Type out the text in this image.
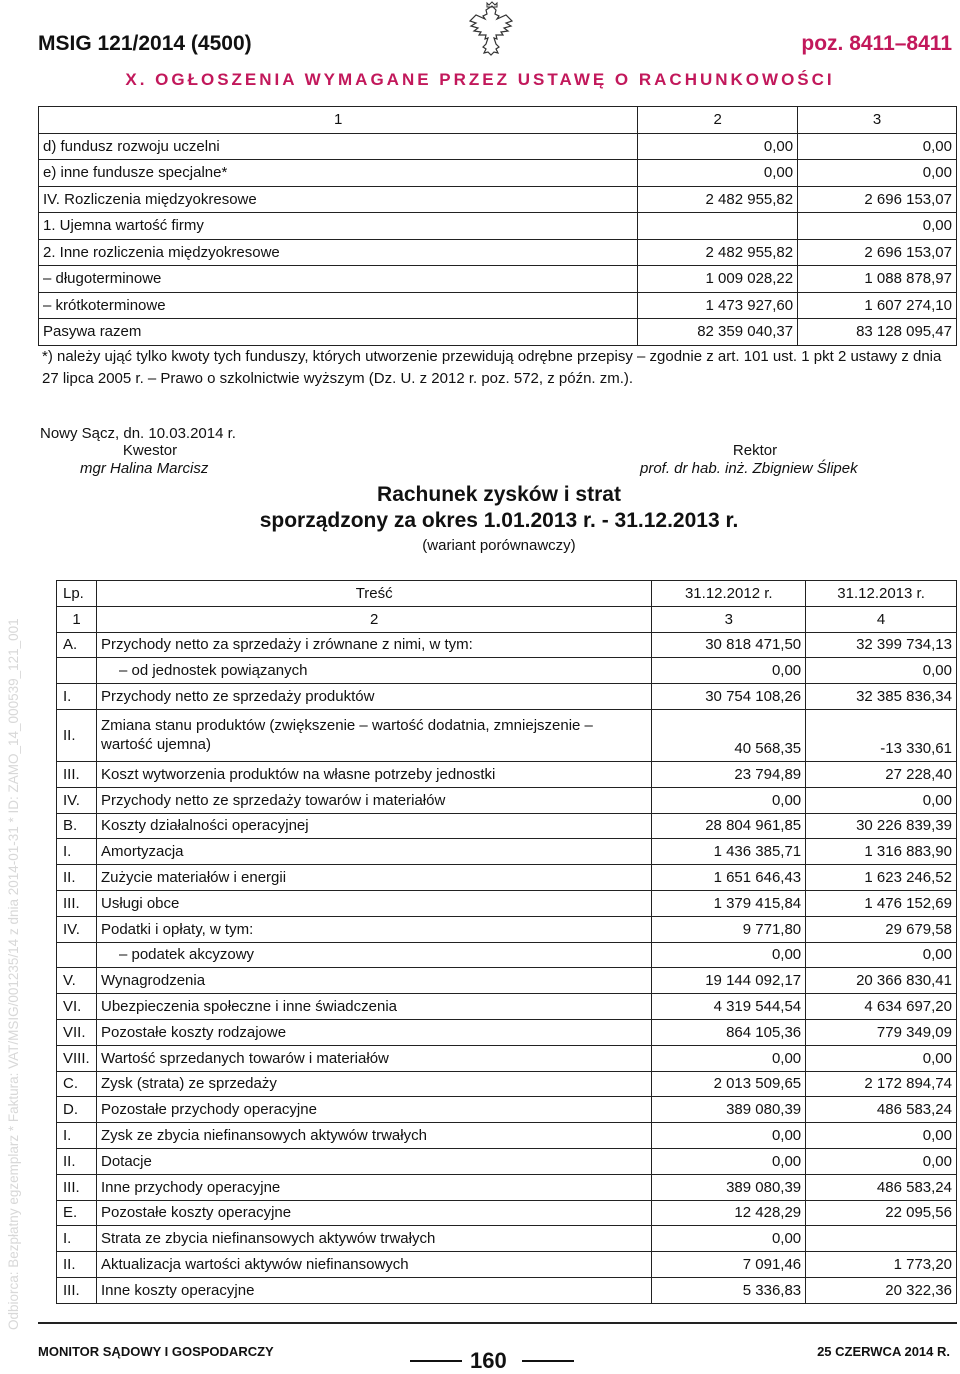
Odbiorca: Bezpłatny egzemplarz * Faktura: VAT/MSIG/001235/14 z dnia 2014-01-31 * ID: ZAMO_14_000539_121_001
MSIG 121/2014 (4500)	poz. 8411–8411
X. OGŁOSZENIA WYMAGANE PRZEZ USTAWĘ O RACHUNKOWOŚCI
1	2	3
d) fundusz rozwoju uczelni	0,00	0,00
e) inne fundusze specjalne*	0,00	0,00
IV. Rozliczenia międzyokresowe	2 482 955,82	2 696 153,07
1. Ujemna wartość firmy		0,00
2. Inne rozliczenia międzyokresowe	2 482 955,82	2 696 153,07
– długoterminowe	1 009 028,22	1 088 878,97
– krótkoterminowe	1 473 927,60	1 607 274,10
Pasywa razem	82 359 040,37	83 128 095,47
*) należy ująć tylko kwoty tych funduszy, których utworzenie przewidują odrębne przepisy – zgodnie z art. 101 ust. 1 pkt 2 ustawy z dnia 27 lipca 2005 r. – Prawo o szkolnictwie wyższym (Dz. U. z 2012 r. poz. 572, z późn. zm.).
Nowy Sącz, dn. 10.03.2014 r.
Kwestor
mgr Halina Marcisz
Rektor
prof. dr hab. inż. Zbigniew Ślipek
Rachunek zysków i strat
sporządzony za okres 1.01.2013 r. - 31.12.2013 r.
(wariant porównawczy)
Lp.	Treść	31.12.2012 r.	31.12.2013 r.
1	2	3	4
A.	Przychody netto za sprzedaży i zrównane z nimi, w tym:	30 818 471,50	32 399 734,13
	– od jednostek powiązanych	0,00	0,00
I.	Przychody netto ze sprzedaży produktów	30 754 108,26	32 385 836,34
II.	Zmiana stanu produktów (zwiększenie – wartość dodatnia, zmniejszenie – wartość ujemna)	40 568,35	-13 330,61
III.	Koszt wytworzenia produktów na własne potrzeby jednostki	23 794,89	27 228,40
IV.	Przychody netto ze sprzedaży towarów i materiałów	0,00	0,00
B.	Koszty działalności operacyjnej	28 804 961,85	30 226 839,39
I.	Amortyzacja	1 436 385,71	1 316 883,90
II.	Zużycie materiałów i energii	1 651 646,43	1 623 246,52
III.	Usługi obce	1 379 415,84	1 476 152,69
IV.	Podatki i opłaty, w tym:	9 771,80	29 679,58
	– podatek akcyzowy	0,00	0,00
V.	Wynagrodzenia	19 144 092,17	20 366 830,41
VI.	Ubezpieczenia społeczne i inne świadczenia	4 319 544,54	4 634 697,20
VII.	Pozostałe koszty rodzajowe	864 105,36	779 349,09
VIII.	Wartość sprzedanych towarów i materiałów	0,00	0,00
C.	Zysk (strata) ze sprzedaży	2 013 509,65	2 172 894,74
D.	Pozostałe przychody operacyjne	389 080,39	486 583,24
I.	Zysk ze zbycia niefinansowych aktywów trwałych	0,00	0,00
II.	Dotacje	0,00	0,00
III.	Inne przychody operacyjne	389 080,39	486 583,24
E.	Pozostałe koszty operacyjne	12 428,29	22 095,56
I.	Strata ze zbycia niefinansowych aktywów trwałych	0,00	
II.	Aktualizacja wartości aktywów niefinansowych	7 091,46	1 773,20
III.	Inne koszty operacyjne	5 336,83	20 322,36
MONITOR SĄDOWY I GOSPODARCZY	160	25 CZERWCA 2014 R.
